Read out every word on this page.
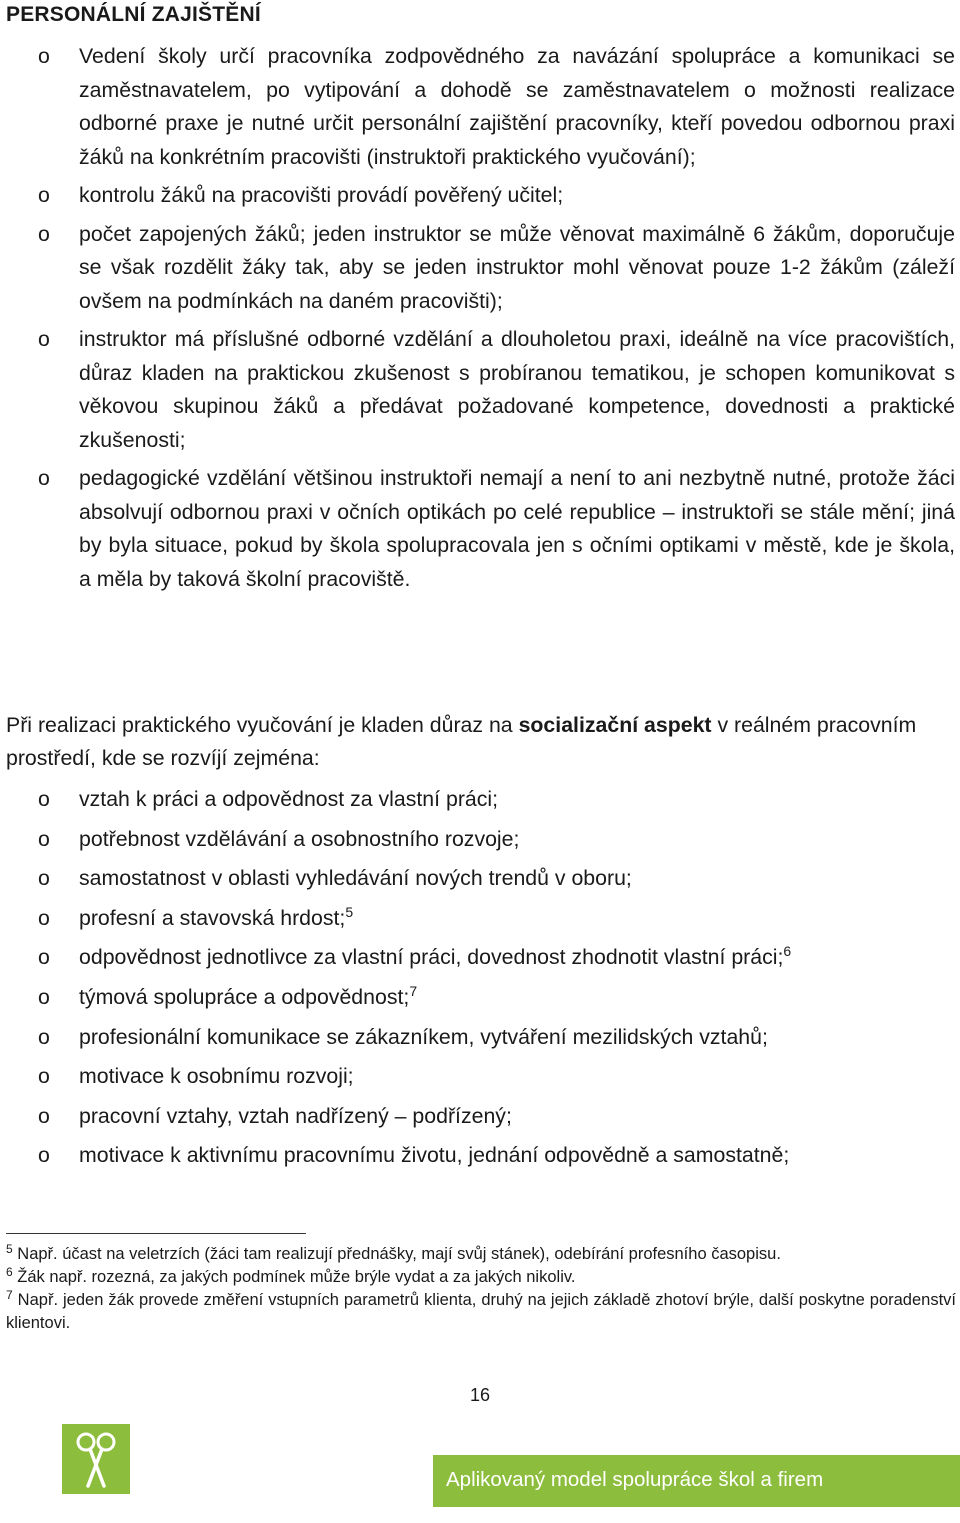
PERSONÁLNÍ ZAJIŠTĚNÍ
o Vedení školy určí pracovníka zodpovědného za navázání spolupráce a komunikaci se zaměstnavatelem, po vytipování a dohodě se zaměstnavatelem o možnosti realizace odborné praxe je nutné určit personální zajištění pracovníky, kteří povedou odbornou praxi žáků na konkrétním pracovišti (instruktoři praktického vyučování);
o kontrolu žáků na pracovišti provádí pověřený učitel;
o počet zapojených žáků; jeden instruktor se může věnovat maximálně 6 žákům, doporučuje se však rozdělit žáky tak, aby se jeden instruktor mohl věnovat pouze 1-2 žákům (záleží ovšem na podmínkách na daném pracovišti);
o instruktor má příslušné odborné vzdělání a dlouholetou praxi, ideálně na více pracovištích, důraz kladen na praktickou zkušenost s probíranou tematikou, je schopen komunikovat s věkovou skupinou žáků a předávat požadované kompetence, dovednosti a praktické zkušenosti;
o pedagogické vzdělání většinou instruktoři nemají a není to ani nezbytně nutné, protože žáci absolvují odbornou praxi v očních optikách po celé republice – instruktoři se stále mění; jiná by byla situace, pokud by škola spolupracovala jen s očními optikami v městě, kde je škola, a měla by taková školní pracoviště.
Při realizaci praktického vyučování je kladen důraz na socializační aspekt v reálném pracovním prostředí, kde se rozvíjí zejména:
o vztah k práci a odpovědnost za vlastní práci;
o potřebnost vzdělávání a osobnostního rozvoje;
o samostatnost v oblasti vyhledávání nových trendů v oboru;
o profesní a stavovská hrdost;$^5$
o odpovědnost jednotlivce za vlastní práci, dovednost zhodnotit vlastní práci;$^6$
o týmová spolupráce a odpovědnost;$^7$
o profesionální komunikace se zákazníkem, vytváření mezilidských vztahů;
o motivace k osobnímu rozvoji;
o pracovní vztahy, vztah nadřízený – podřízený;
o motivace k aktivnímu pracovnímu životu, jednání odpovědně a samostatně;
$^5$ Např. účast na veletrzích (žáci tam realizují přednášky, mají svůj stánek), odebírání profesního časopisu.
$^6$ Žák např. rozezná, za jakých podmínek může brýle vydat a za jakých nikoliv.
$^7$ Např. jeden žák provede změření vstupních parametrů klienta, druhý na jejich základě zhotoví brýle, další poskytne poradenství klientovi.
16
Aplikovaný model spolupráce škol a firem
